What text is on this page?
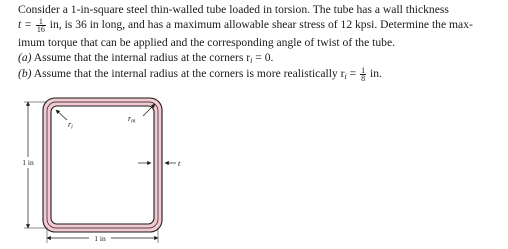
Consider a 1-in-square steel thin-walled tube loaded in torsion. The tube has a wall thickness
$t = \frac{1}{16}$ in, is 36 in long, and has a maximum allowable shear stress of 12 kpsi. Determine the max-
imum torque that can be applied and the corresponding angle of twist of the tube.
(a) Assume that the internal radius at the corners $r_i = 0$.
(b) Assume that the internal radius at the corners is more realistically $r_i = \frac{1}{8}$ in.
ri
rm
t
1 in
1 in
